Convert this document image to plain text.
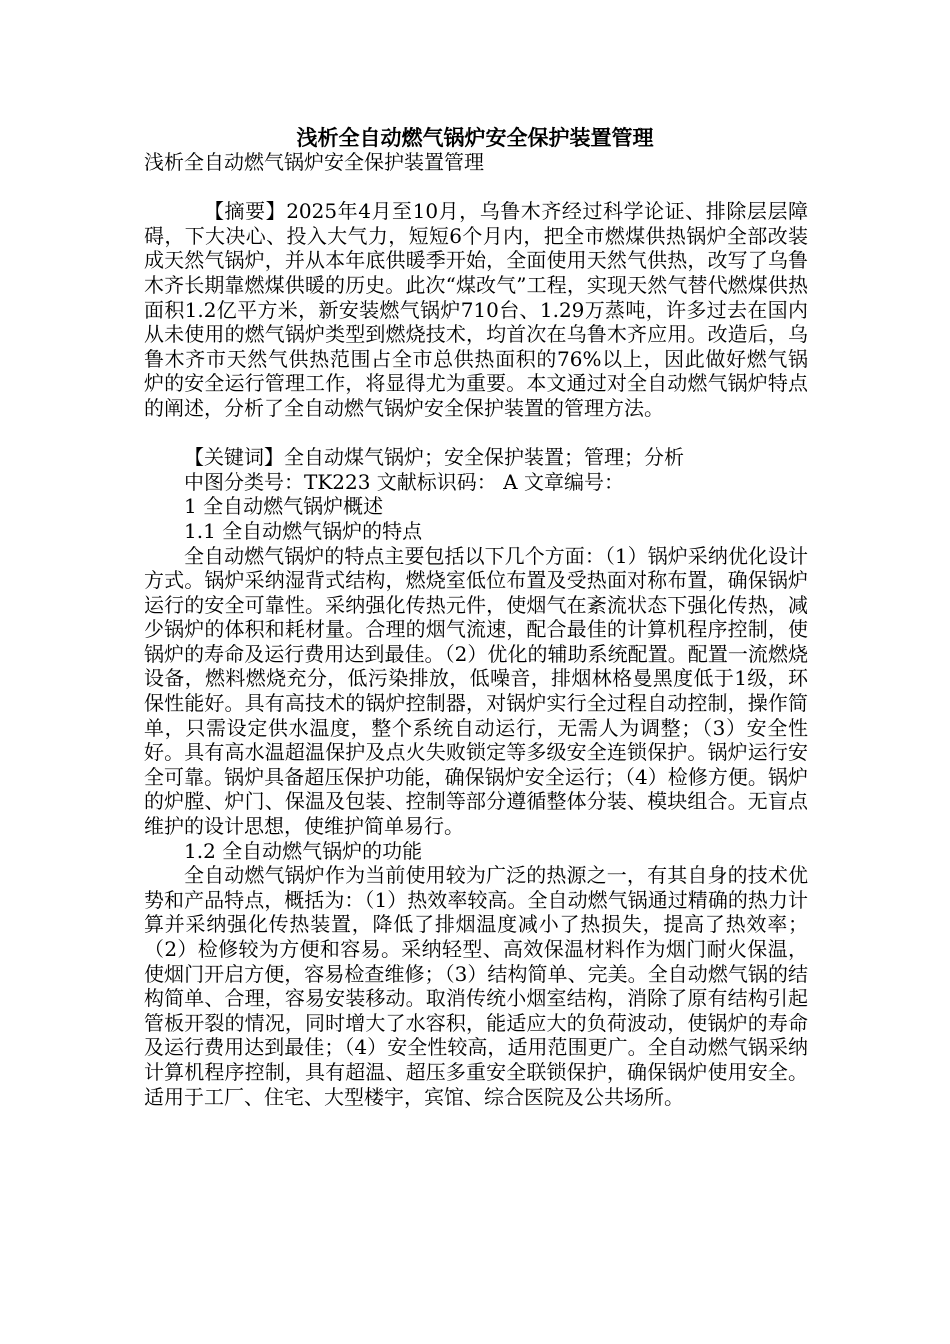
浅析全自动燃气锅炉安全保护装置管理

浅析全自动燃气锅炉安全保护装置管理

【摘要】2025年4月至10月，乌鲁木齐经过科学论证、排除层层障碍，下大决心、投入大气力，短短6个月内，把全市燃煤供热锅炉全部改装成天然气锅炉，并从本年底供暖季开始，全面使用天然气供热，改写了乌鲁木齐长期靠燃煤供暖的历史。此次“煤改气”工程，实现天然气替代燃煤供热面积1.2亿平方米，新安装燃气锅炉710台、1.29万蒸吨，许多过去在国内从未使用的燃气锅炉类型到燃烧技术，均首次在乌鲁木齐应用。改造后，乌鲁木齐市天然气供热范围占全市总供热面积的76%以上，因此做好燃气锅炉的安全运行管理工作，将显得尤为重要。本文通过对全自动燃气锅炉特点的阐述，分析了全自动燃气锅炉安全保护装置的管理方法。

【关键词】全自动煤气锅炉；安全保护装置；管理；分析

中图分类号：TK223 文献标识码： A 文章编号：

1 全自动燃气锅炉概述

1.1 全自动燃气锅炉的特点

全自动燃气锅炉的特点主要包括以下几个方面：（1）锅炉采纳优化设计方式。锅炉采纳湿背式结构，燃烧室低位布置及受热面对称布置，确保锅炉运行的安全可靠性。采纳强化传热元件，使烟气在紊流状态下强化传热，减少锅炉的体积和耗材量。合理的烟气流速，配合最佳的计算机程序控制，使锅炉的寿命及运行费用达到最佳。（2）优化的辅助系统配置。配置一流燃烧设备，燃料燃烧充分，低污染排放，低噪音，排烟林格曼黑度低于1级，环保性能好。具有高技术的锅炉控制器，对锅炉实行全过程自动控制，操作简单，只需设定供水温度，整个系统自动运行，无需人为调整；（3）安全性好。具有高水温超温保护及点火失败锁定等多级安全连锁保护。锅炉运行安全可靠。锅炉具备超压保护功能，确保锅炉安全运行；（4）检修方便。锅炉的炉膛、炉门、保温及包装、控制等部分遵循整体分装、模块组合。无盲点维护的设计思想，使维护简单易行。

1.2 全自动燃气锅炉的功能

全自动燃气锅炉作为当前使用较为广泛的热源之一，有其自身的技术优势和产品特点，概括为：（1）热效率较高。全自动燃气锅通过精确的热力计算并采纳强化传热装置，降低了排烟温度减小了热损失，提高了热效率；（2）检修较为方便和容易。采纳轻型、高效保温材料作为烟门耐火保温，使烟门开启方便，容易检查维修；（3）结构简单、完美。全自动燃气锅的结构简单、合理，容易安装移动。取消传统小烟室结构，消除了原有结构引起管板开裂的情况，同时增大了水容积，能适应大的负荷波动，使锅炉的寿命及运行费用达到最佳；（4）安全性较高，适用范围更广。全自动燃气锅采纳计算机程序控制，具有超温、超压多重安全联锁保护，确保锅炉使用安全。适用于工厂、住宅、大型楼宇，宾馆、综合医院及公共场所。
